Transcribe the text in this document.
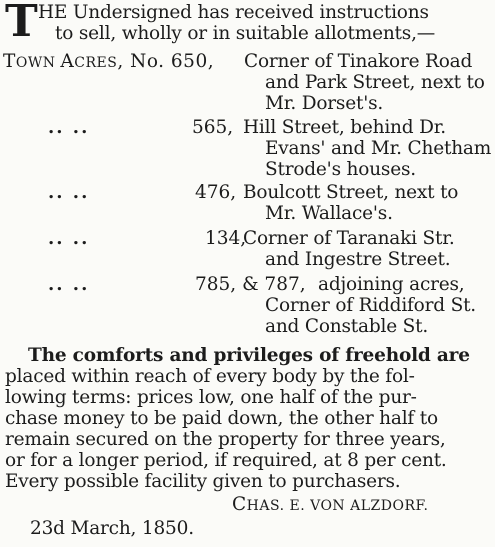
T HE Undersigned has received instructions
to sell, wholly or in suitable allotments,—
TOWN ACRES, No. 650, Corner of Tinakore Road
and Park Street, next to
Mr. Dorset's.
.. ..	565, Hill Street, behind Dr.
Evans' and Mr. Chetham
Strode's houses.
.. ..	476, Boulcott Street, next to
Mr. Wallace's.
.. ..	134,
Corner of Taranaki Str.
and Ingestre Street.
.. ..	785, & 787, adjoining acres,
Corner of Riddiford St.
and Constable St.
The comforts and privileges of freehold are
placed within reach of every body by the fol-
lowing terms: prices low, one half of the pur-
chase money to be paid down, the other half to
remain secured on the property for three years,
or for a longer period, if required, at 8 per cent.
Every possible facility given to purchasers.
CHAS. E. VON ALZDORF.
23d March, 1850.
